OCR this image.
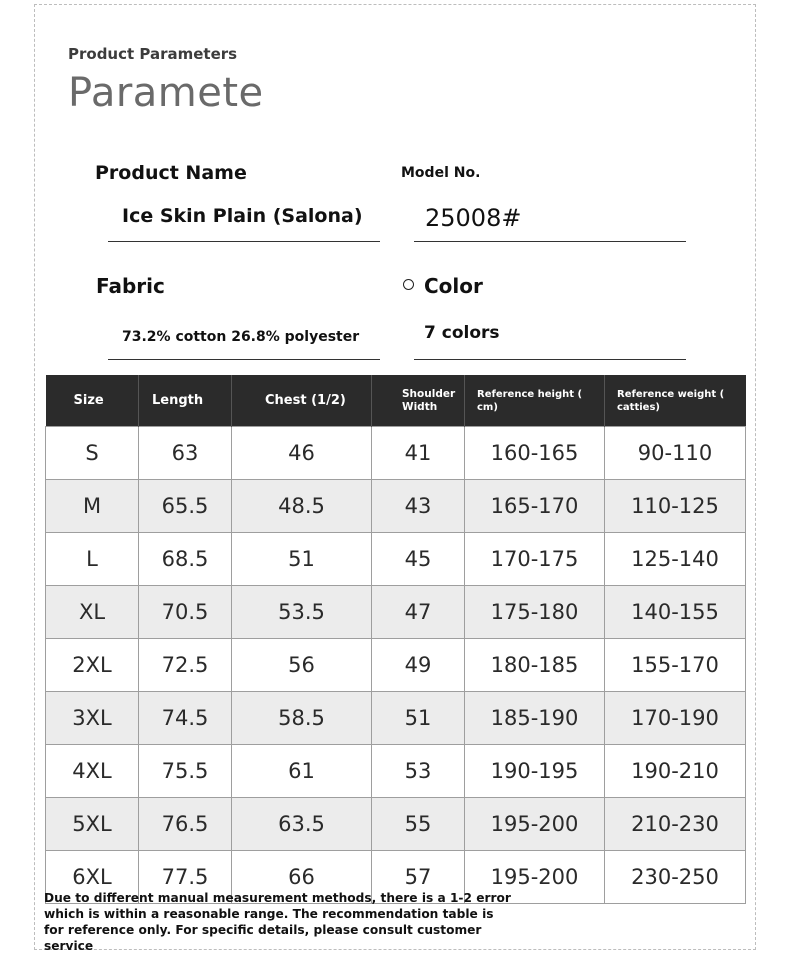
Product Parameters
Paramete
Product Name
Ice Skin Plain (Salona)
Model No.
25008#
Fabric
73.2% cotton 26.8% polyester
Color
7 colors
Size	Length	Chest (1/2)	Shoulder Width	Reference height ( cm)	Reference weight ( catties)
S	63	46	41	160-165	90-110
M	65.5	48.5	43	165-170	110-125
L	68.5	51	45	170-175	125-140
XL	70.5	53.5	47	175-180	140-155
2XL	72.5	56	49	180-185	155-170
3XL	74.5	58.5	51	185-190	170-190
4XL	75.5	61	53	190-195	190-210
5XL	76.5	63.5	55	195-200	210-230
6XL	77.5	66	57	195-200	230-250
Due to different manual measurement methods, there is a 1-2 error which is within a reasonable range. The recommendation table is for reference only. For specific details, please consult customer service
